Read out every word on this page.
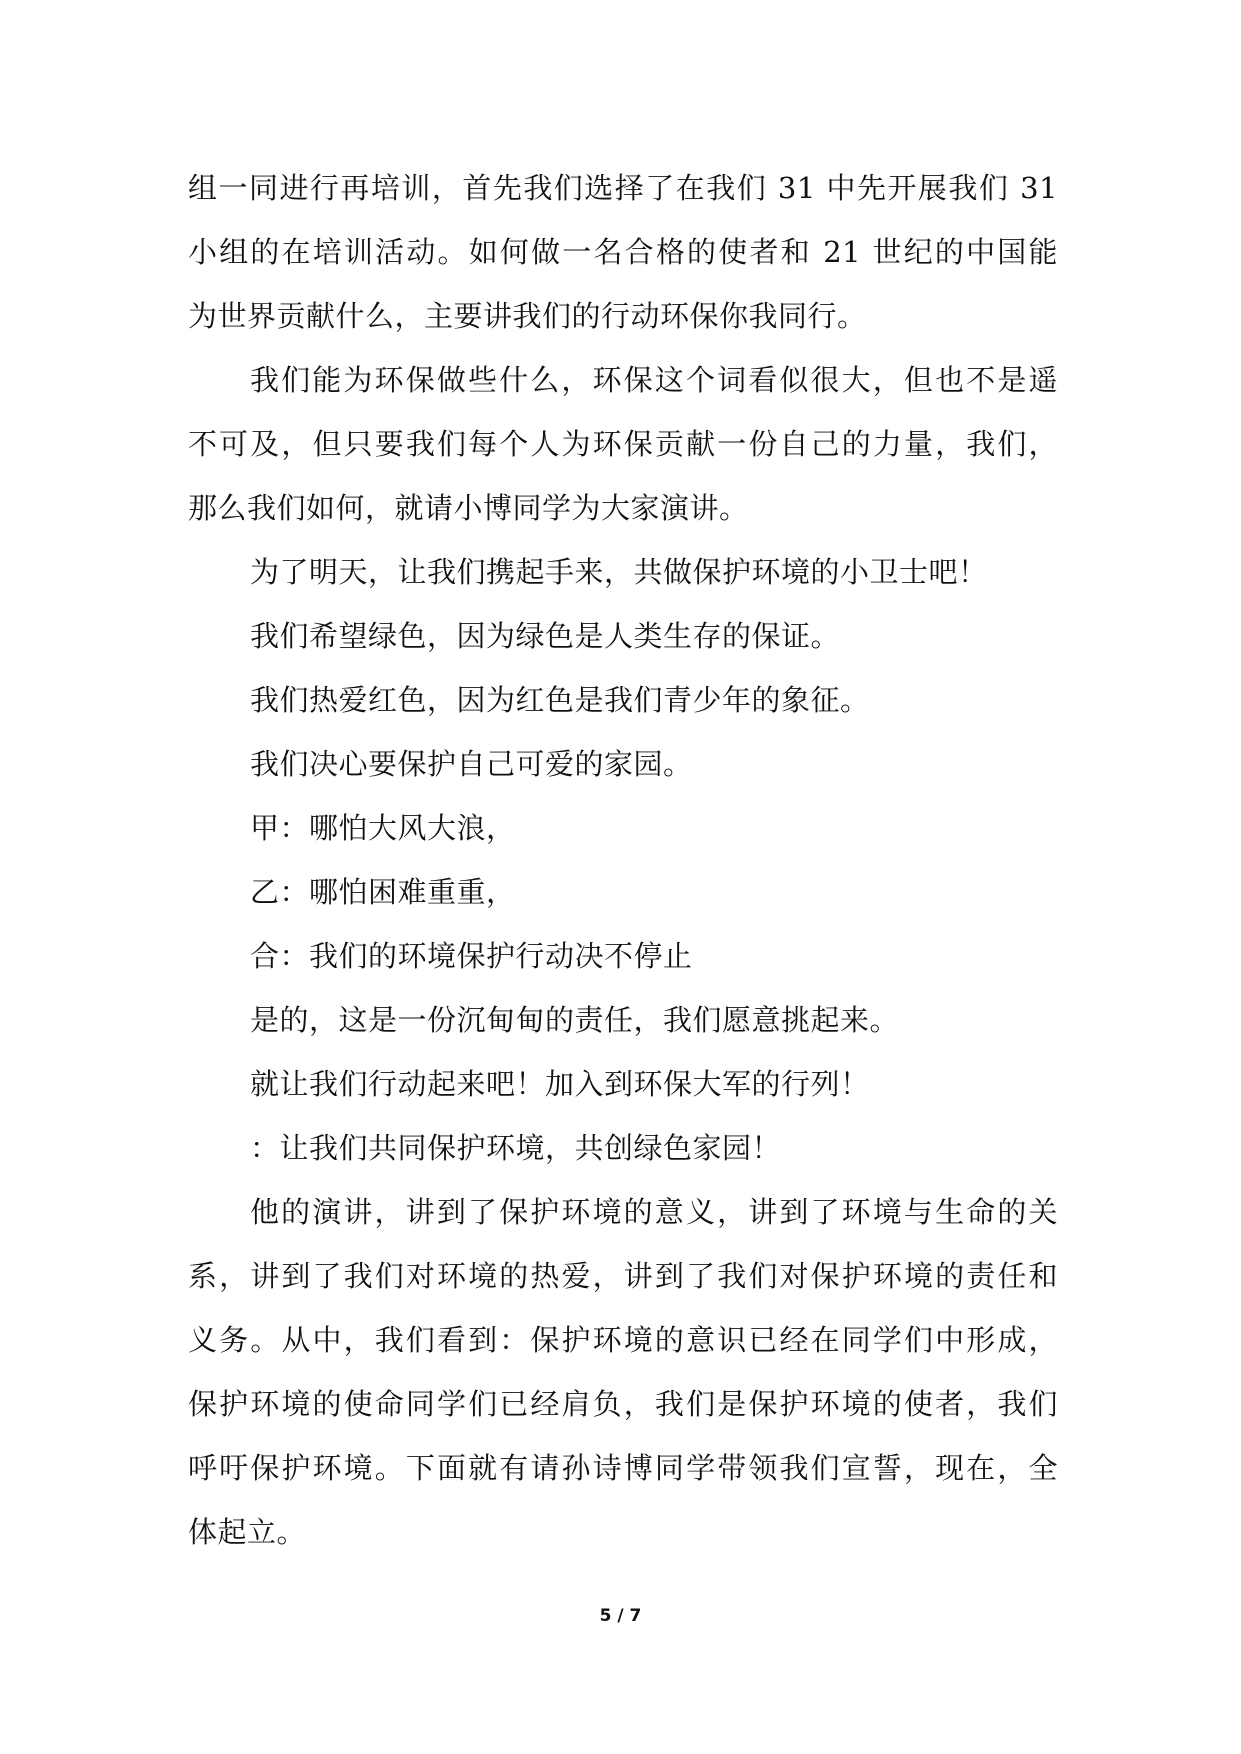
组一同进行再培训，首先我们选择了在我们 31 中先开展我们 31
小组的在培训活动。如何做一名合格的使者和 21 世纪的中国能
为世界贡献什么，主要讲我们的行动环保你我同行。
我们能为环保做些什么，环保这个词看似很大，但也不是遥
不可及，但只要我们每个人为环保贡献一份自己的力量，我们，
那么我们如何，就请小博同学为大家演讲。
为了明天，让我们携起手来，共做保护环境的小卫士吧！
我们希望绿色，因为绿色是人类生存的保证。
我们热爱红色，因为红色是我们青少年的象征。
我们决心要保护自己可爱的家园。
甲：哪怕大风大浪，
乙：哪怕困难重重，
合：我们的环境保护行动决不停止
是的，这是一份沉甸甸的责任，我们愿意挑起来。
就让我们行动起来吧！加入到环保大军的行列！
：让我们共同保护环境，共创绿色家园！
他的演讲，讲到了保护环境的意义，讲到了环境与生命的关
系，讲到了我们对环境的热爱，讲到了我们对保护环境的责任和
义务。从中，我们看到：保护环境的意识已经在同学们中形成，
保护环境的使命同学们已经肩负，我们是保护环境的使者，我们
呼吁保护环境。下面就有请孙诗博同学带领我们宣誓，现在，全
体起立。
5 / 7
